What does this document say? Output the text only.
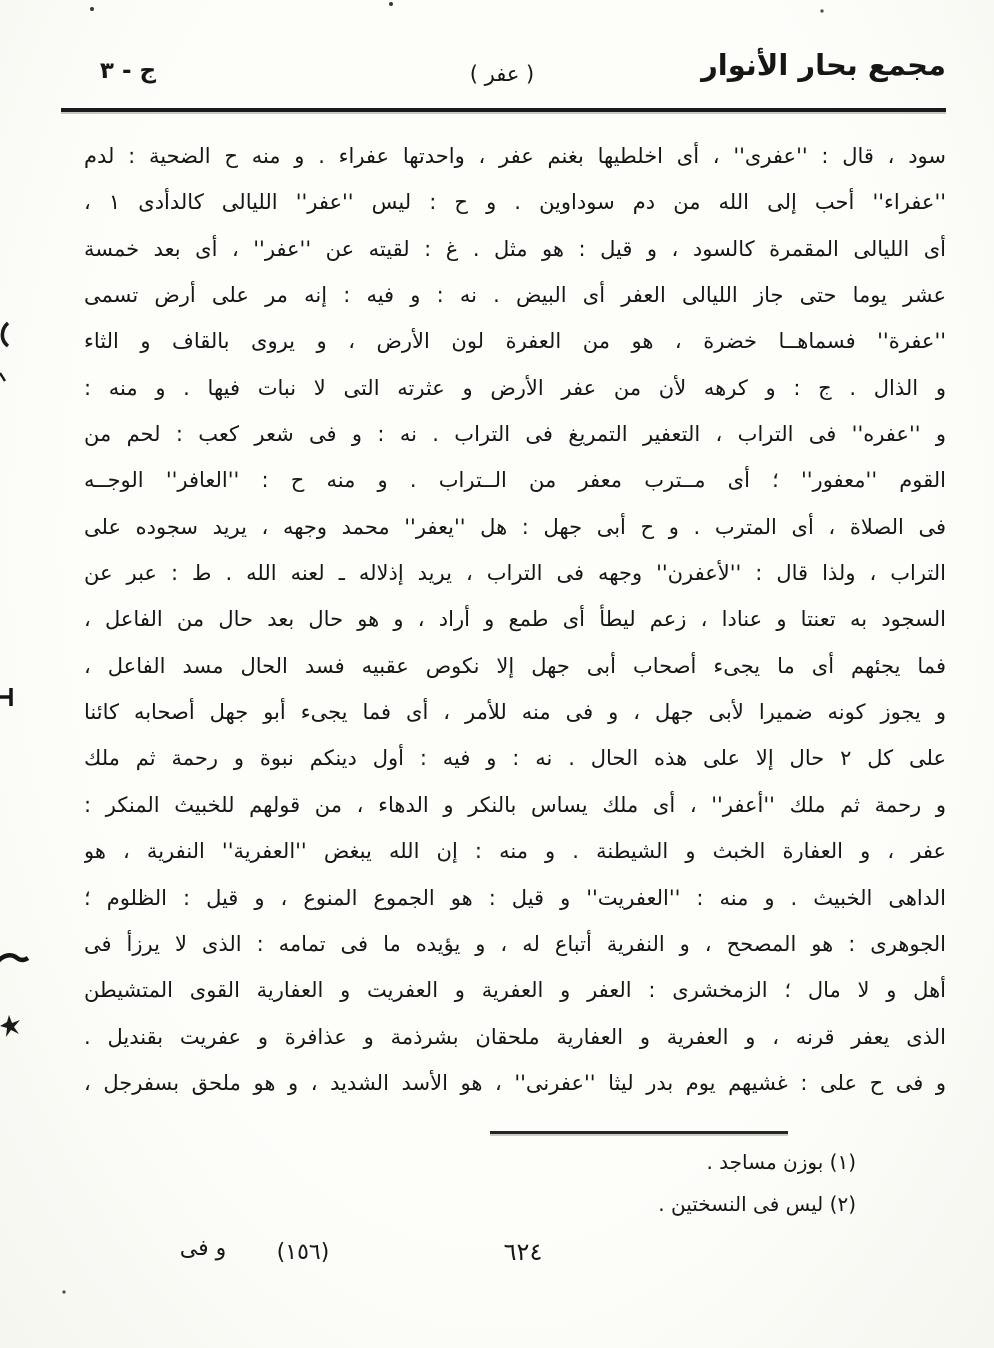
مجمع بحار الأنوار
( عفر )
ج - ٣
سود ، قال : ''عفرى'' ، أى اخلطيها بغنم عفر ، واحدتها عفراء . و منه ح الضحية : لدم
''عفراء'' أحب إلى الله من دم سوداوين . و ح : ليس ''عفر'' الليالى كالدأدى ١ ،
أى الليالى المقمرة كالسود ، و قيل : هو مثل . غ : لقيته عن ''عفر'' ، أى بعد خمسة
عشر يوما حتى جاز الليالى العفر أى البيض . نه : و فيه : إنه مر على أرض تسمى
''عفرة'' فسماهــا خضرة ، هو من العفرة لون الأرض ، و يروى بالقاف و الثاء
و الذال . ج : و كرهه لأن من عفر الأرض و عثرته التى لا نبات فيها . و منه :
و ''عفره'' فى التراب ، التعفير التمريغ فى التراب . نه : و فى شعر كعب : لحم من
القوم ''معفور'' ؛ أى مــترب معفر من الــتراب . و منه ح : ''العافر'' الوجــه
فى الصلاة ، أى المترب . و ح أبى جهل : هل ''يعفر'' محمد وجهه ، يريد سجوده على
التراب ، ولذا قال : ''لأعفرن'' وجهه فى التراب ، يريد إذلاله ـ لعنه الله . ط : عبر عن
السجود به تعنتا و عنادا ، زعم ليطأ أى طمع و أراد ، و هو حال بعد حال من الفاعل ،
فما يجئهم أى ما يجىء أصحاب أبى جهل إلا نكوص عقبيه فسد الحال مسد الفاعل ،
و يجوز كونه ضميرا لأبى جهل ، و فى منه للأمر ، أى فما يجىء أبو جهل أصحابه كائنا
على كل ٢ حال إلا على هذه الحال . نه : و فيه : أول دينكم نبوة و رحمة ثم ملك
و رحمة ثم ملك ''أعفر'' ، أى ملك يساس بالنكر و الدهاء ، من قولهم للخبيث المنكر :
عفر ، و العفارة الخبث و الشيطنة . و منه : إن الله يبغض ''العفرية'' النفرية ، هو
الداهى الخبيث . و منه : ''العفريت'' و قيل : هو الجموع المنوع ، و قيل : الظلوم ؛
الجوهرى : هو المصحح ، و النفرية أتباع له ، و يؤيده ما فى تمامه : الذى لا يرزأ فى
أهل و لا مال ؛ الزمخشرى : العفر و العفرية و العفريت و العفارية القوى المتشيطن
الذى يعفر قرنه ، و العفرية و العفارية ملحقان بشرذمة و عذافرة و عفريت بقنديل .
و فى ح على : غشيهم يوم بدر ليثا ''عفرنى'' ، هو الأسد الشديد ، و هو ملحق بسفرجل ،
(١) بوزن مساجد .
(٢) ليس فى النسختين .
٦٢٤
(١٥٦)
و فى
